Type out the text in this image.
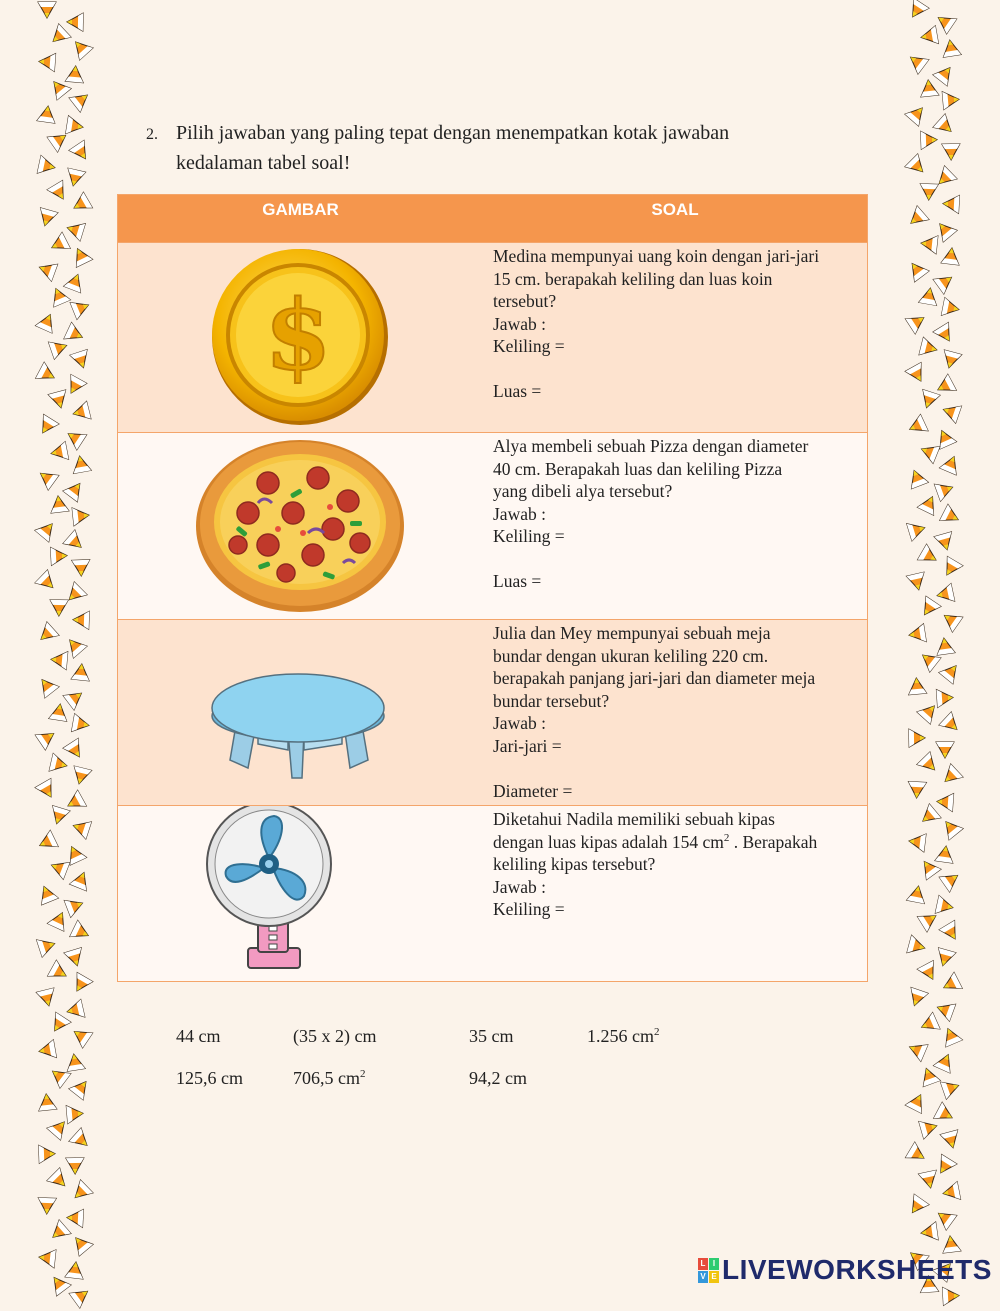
2. Pilih jawaban yang paling tepat dengan menempatkan kotak jawaban
kedalaman tabel soal!
GAMBAR	SOAL
$

Medina mempunyai uang koin dengan jari-jari

15 cm. berapakah keliling dan luas koin

tersebut?

Jawab :

Keliling =

Luas =

Alya membeli sebuah Pizza dengan diameter

40 cm. Berapakah luas dan keliling Pizza

yang dibeli alya tersebut?

Jawab :

Keliling =

Luas =

Julia dan Mey mempunyai sebuah meja

bundar dengan ukuran keliling 220 cm.

berapakah panjang jari-jari dan diameter meja

bundar tersebut?

Jawab :

Jari-jari =

Diameter =

Diketahui Nadila memiliki sebuah kipas

dengan luas kipas adalah 154 $cm^2$ . Berapakah

keliling kipas tersebut?

Jawab :

Keliling =

44 cm	(35 x 2) cm	35 cm	1.256 $cm^2$
125,6 cm	706,5 $cm^2$	94,2 cm
L I
V E LIVEWORKSHEETS
